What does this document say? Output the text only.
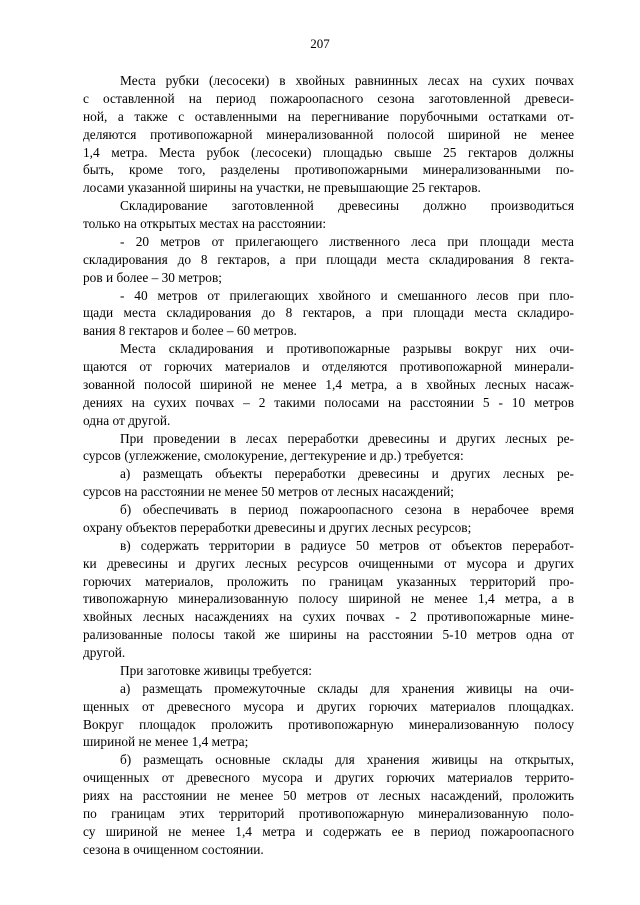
207
Места рубки (лесосеки) в хвойных равнинных лесах на сухих почвах
с оставленной на период пожароопасного сезона заготовленной древеси-
ной, а также с оставленными на перегнивание порубочными остатками от-
деляются противопожарной минерализованной полосой шириной не менее
1,4 метра. Места рубок (лесосеки) площадью свыше 25 гектаров должны
быть, кроме того, разделены противопожарными минерализованными по-
лосами указанной ширины на участки, не превышающие 25 гектаров.
Складирование заготовленной древесины должно производиться
только на открытых местах на расстоянии:
- 20 метров от прилегающего лиственного леса при площади места
складирования до 8 гектаров, а при площади места складирования 8 гекта-
ров и более – 30 метров;
- 40 метров от прилегающих хвойного и смешанного лесов при пло-
щади места складирования до 8 гектаров, а при площади места складиро-
вания 8 гектаров и более – 60 метров.
Места складирования и противопожарные разрывы вокруг них очи-
щаются от горючих материалов и отделяются противопожарной минерали-
зованной полосой шириной не менее 1,4 метра, а в хвойных лесных насаж-
дениях на сухих почвах – 2 такими полосами на расстоянии 5 - 10 метров
одна от другой.
При проведении в лесах переработки древесины и других лесных ре-
сурсов (углежжение, смолокурение, дегтекурение и др.) требуется:
а) размещать объекты переработки древесины и других лесных ре-
сурсов на расстоянии не менее 50 метров от лесных насаждений;
б) обеспечивать в период пожароопасного сезона в нерабочее время
охрану объектов переработки древесины и других лесных ресурсов;
в) содержать территории в радиусе 50 метров от объектов переработ-
ки древесины и других лесных ресурсов очищенными от мусора и других
горючих материалов, проложить по границам указанных территорий про-
тивопожарную минерализованную полосу шириной не менее 1,4 метра, а в
хвойных лесных насаждениях на сухих почвах - 2 противопожарные мине-
рализованные полосы такой же ширины на расстоянии 5-10 метров одна от
другой.
При заготовке живицы требуется:
а) размещать промежуточные склады для хранения живицы на очи-
щенных от древесного мусора и других горючих материалов площадках.
Вокруг площадок проложить противопожарную минерализованную полосу
шириной не менее 1,4 метра;
б) размещать основные склады для хранения живицы на открытых,
очищенных от древесного мусора и других горючих материалов террито-
риях на расстоянии не менее 50 метров от лесных насаждений, проложить
по границам этих территорий противопожарную минерализованную поло-
су шириной не менее 1,4 метра и содержать ее в период пожароопасного
сезона в очищенном состоянии.
